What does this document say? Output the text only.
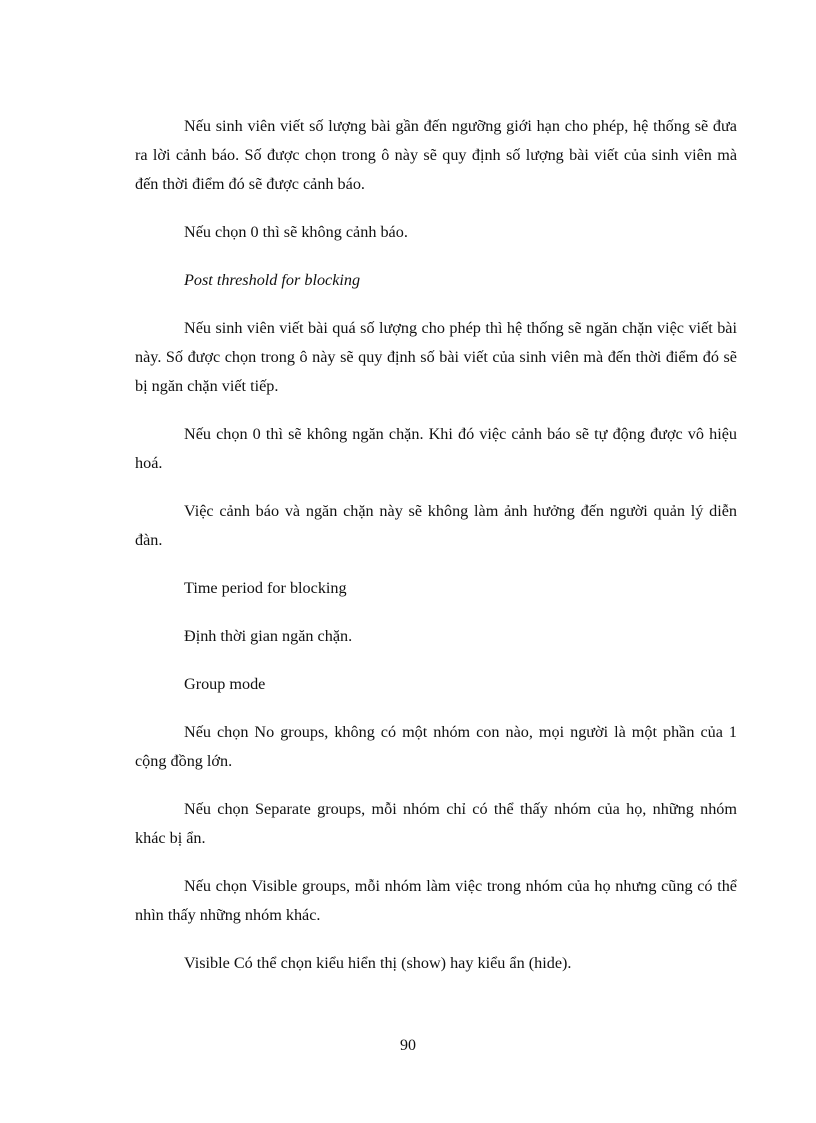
Nếu sinh viên viết số lượng bài gần đến ngưỡng giới hạn cho phép, hệ thống sẽ đưa ra lời cảnh báo. Số được chọn trong ô này sẽ quy định số lượng bài viết của sinh viên mà đến thời điểm đó sẽ được cảnh báo.

Nếu chọn 0 thì sẽ không cảnh báo.

Post threshold for blocking

Nếu sinh viên viết bài quá số lượng cho phép thì hệ thống sẽ ngăn chặn việc viết bài này. Số được chọn trong ô này sẽ quy định số bài viết của sinh viên mà đến thời điểm đó sẽ bị ngăn chặn viết tiếp.

Nếu chọn 0 thì sẽ không ngăn chặn. Khi đó việc cảnh báo sẽ tự động được vô hiệu hoá.

Việc cảnh báo và ngăn chặn này sẽ không làm ảnh hưởng đến người quản lý diễn đàn.

Time period for blocking

Định thời gian ngăn chặn.

Group mode

Nếu chọn No groups, không có một nhóm con nào, mọi người là một phần của 1 cộng đồng lớn.

Nếu chọn Separate groups, mỗi nhóm chỉ có thể thấy nhóm của họ, những nhóm khác bị ẩn.

Nếu chọn Visible groups, mỗi nhóm làm việc trong nhóm của họ nhưng cũng có thể nhìn thấy những nhóm khác.

Visible Có thể chọn kiểu hiển thị (show) hay kiểu ẩn (hide).

90
